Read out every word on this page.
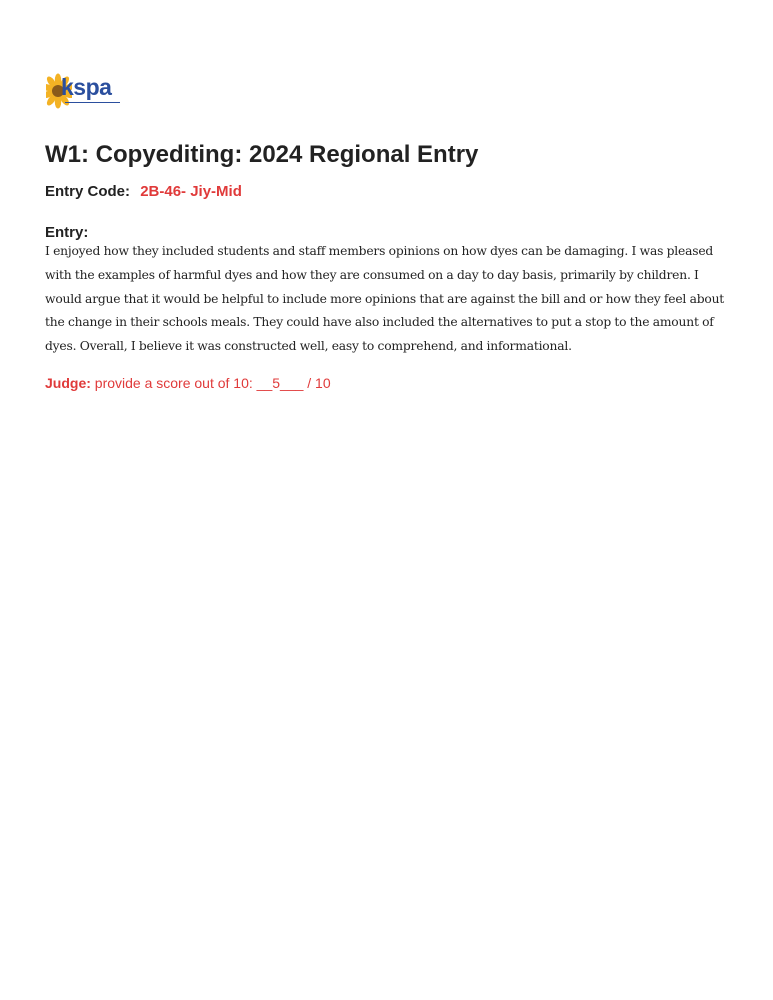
kspa
W1: Copyediting: 2024 Regional Entry
Entry Code: 2B-46- Jiy-Mid
Entry:
I enjoyed how they included students and staff members opinions on how dyes can be damaging. I was pleased with the examples of harmful dyes and how they are consumed on a day to day basis, primarily by children. I would argue that it would be helpful to include more opinions that are against the bill and or how they feel about the change in their schools meals. They could have also included the alternatives to put a stop to the amount of dyes. Overall, I believe it was constructed well, easy to comprehend, and informational.
Judge: provide a score out of 10: __5___ / 10
